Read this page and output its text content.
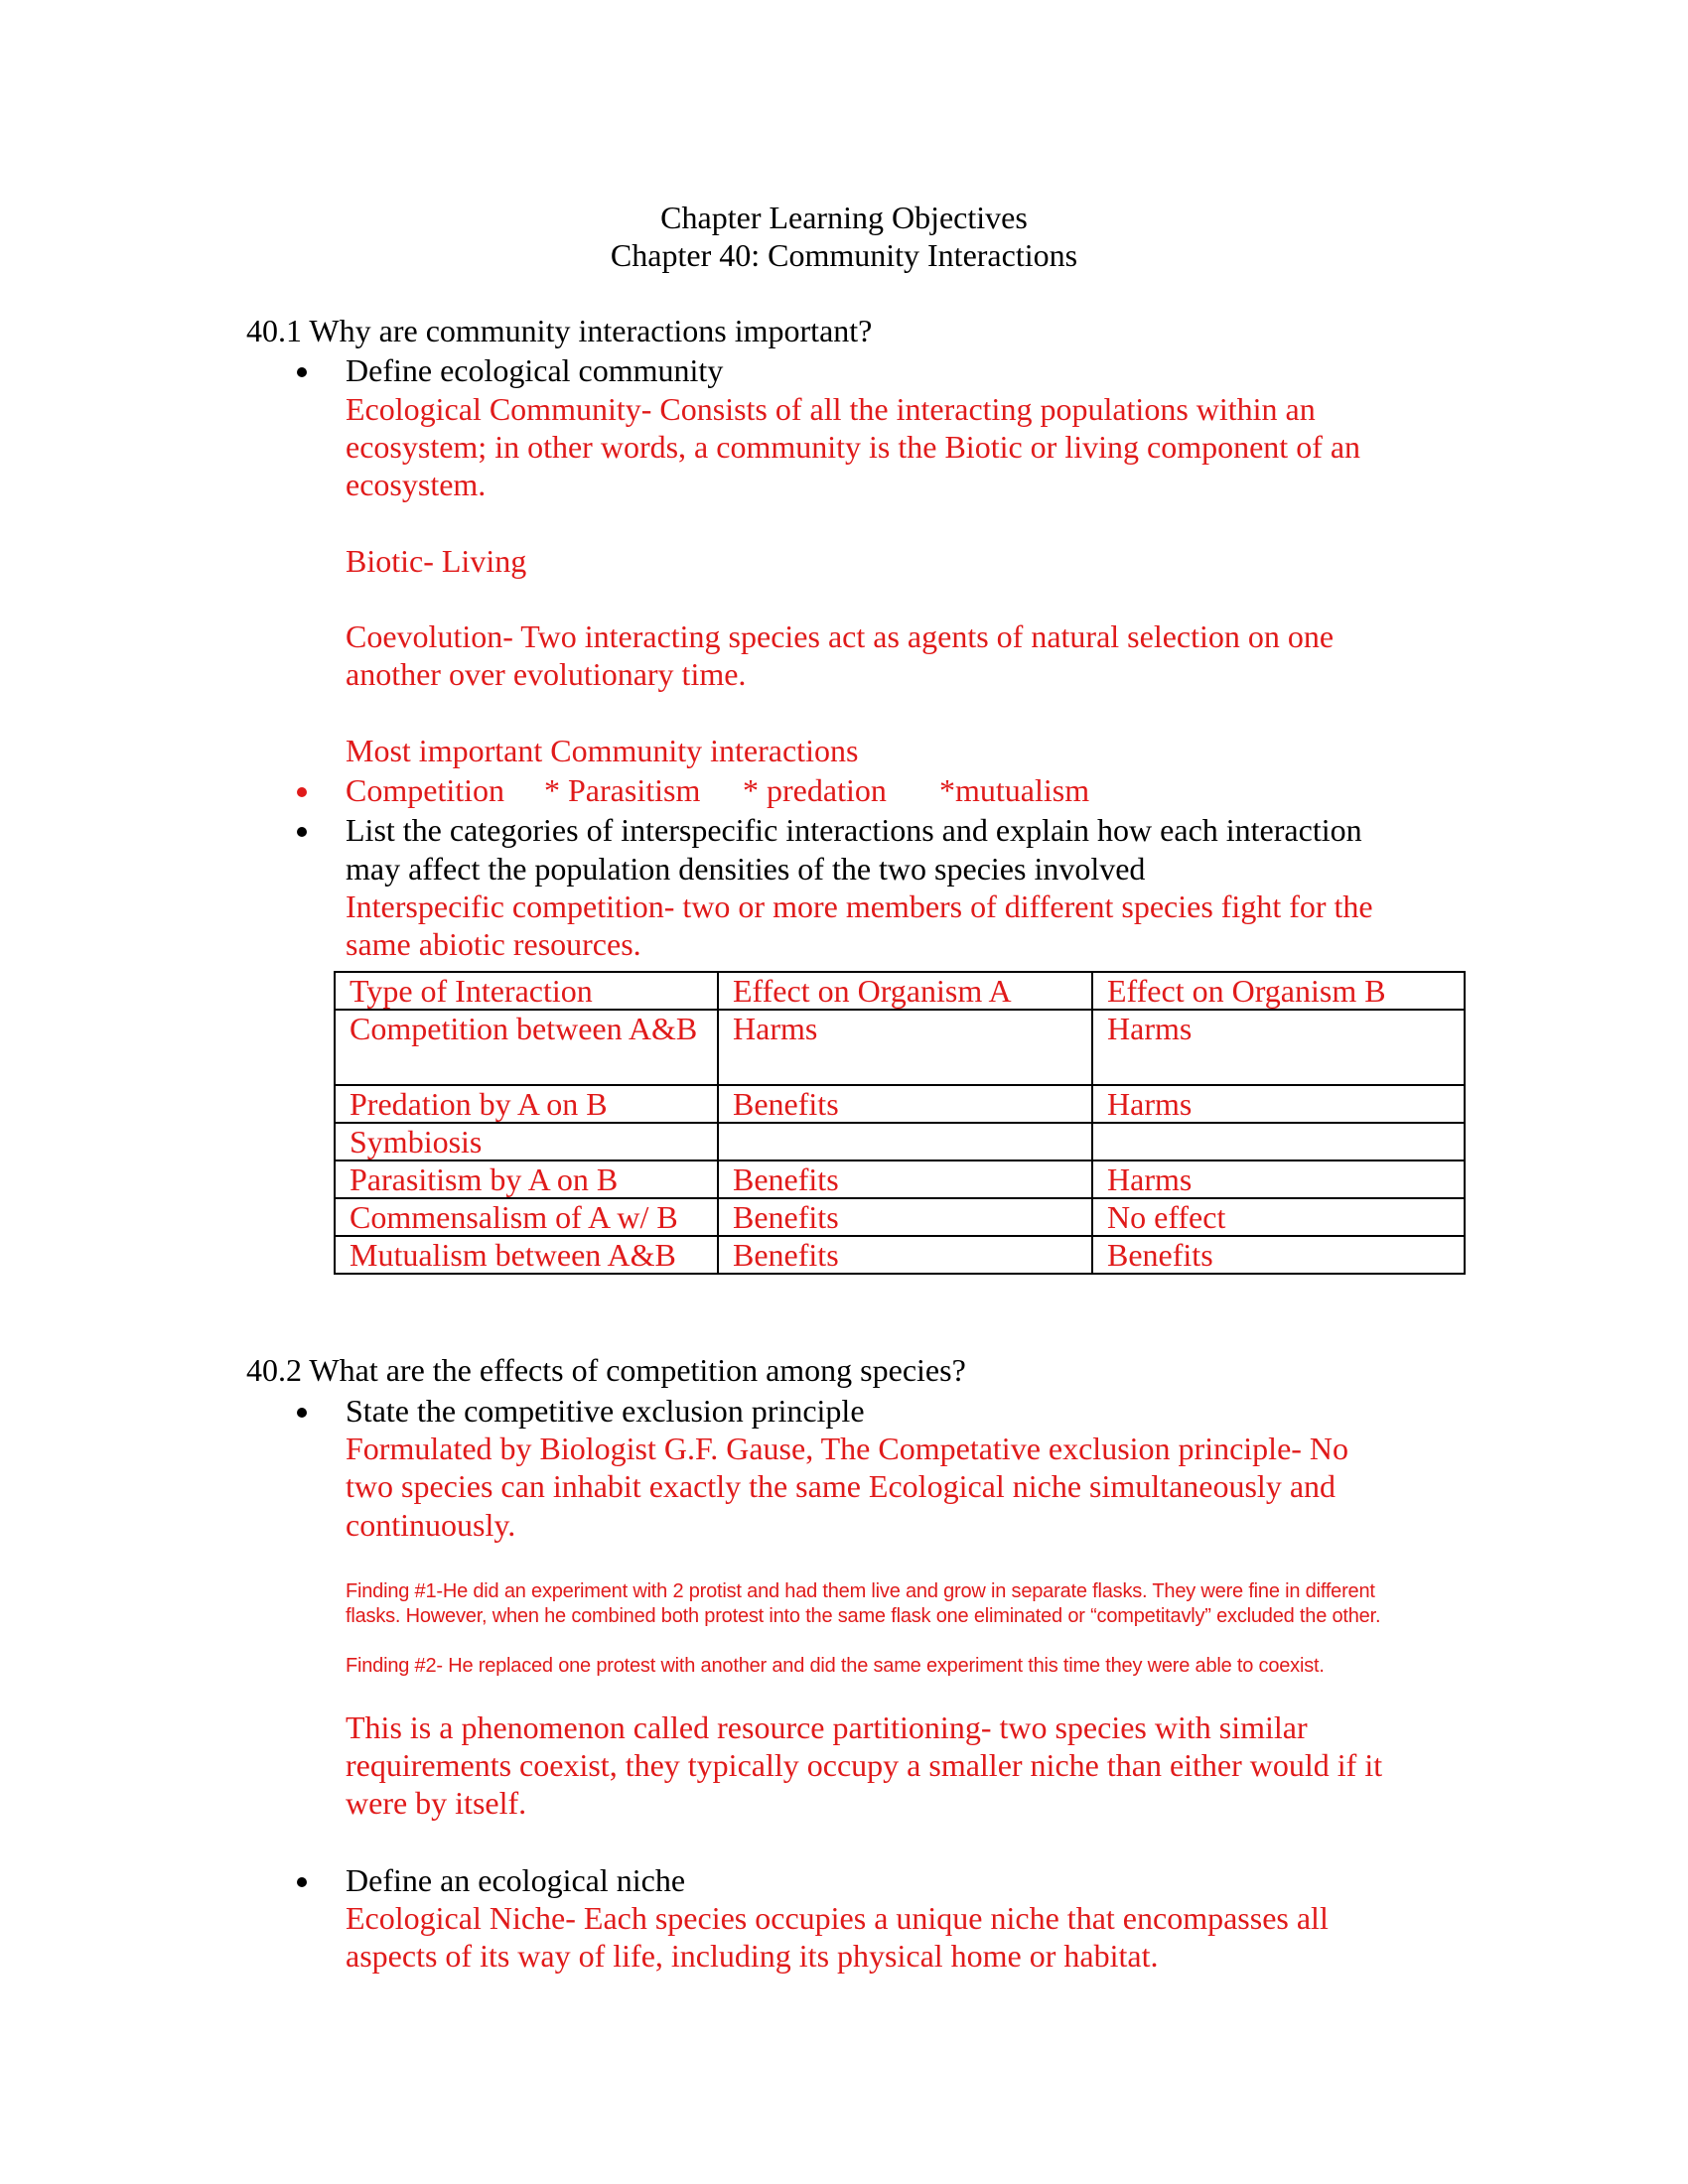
Chapter Learning Objectives
Chapter 40: Community Interactions
40.1 Why are community interactions important?
Define ecological community
Ecological Community- Consists of all the interacting populations within an
ecosystem; in other words, a community is the Biotic or living component of an
ecosystem.
Biotic- Living
Coevolution- Two interacting species act as agents of natural selection on one
another over evolutionary time.
Most important Community interactions
Competition * Parasitism * predation *mutualism
List the categories of interspecific interactions and explain how each interaction
may affect the population densities of the two species involved
Interspecific competition- two or more members of different species fight for the
same abiotic resources.
Type of Interaction	Effect on Organism A	Effect on Organism B
Competition between A&B	Harms	Harms
Predation by A on B	Benefits	Harms
Symbiosis		
Parasitism by A on B	Benefits	Harms
Commensalism of A w/ B	Benefits	No effect
Mutualism between A&B	Benefits	Benefits
40.2 What are the effects of competition among species?
State the competitive exclusion principle
Formulated by Biologist G.F. Gause, The Competative exclusion principle- No
two species can inhabit exactly the same Ecological niche simultaneously and
continuously.
Finding #1-He did an experiment with 2 protist and had them live and grow in separate flasks. They were fine in different
flasks. However, when he combined both protest into the same flask one eliminated or “competitavly” excluded the other.
Finding #2- He replaced one protest with another and did the same experiment this time they were able to coexist.
This is a phenomenon called resource partitioning- two species with similar
requirements coexist, they typically occupy a smaller niche than either would if it
were by itself.
Define an ecological niche
Ecological Niche- Each species occupies a unique niche that encompasses all
aspects of its way of life, including its physical home or habitat.
